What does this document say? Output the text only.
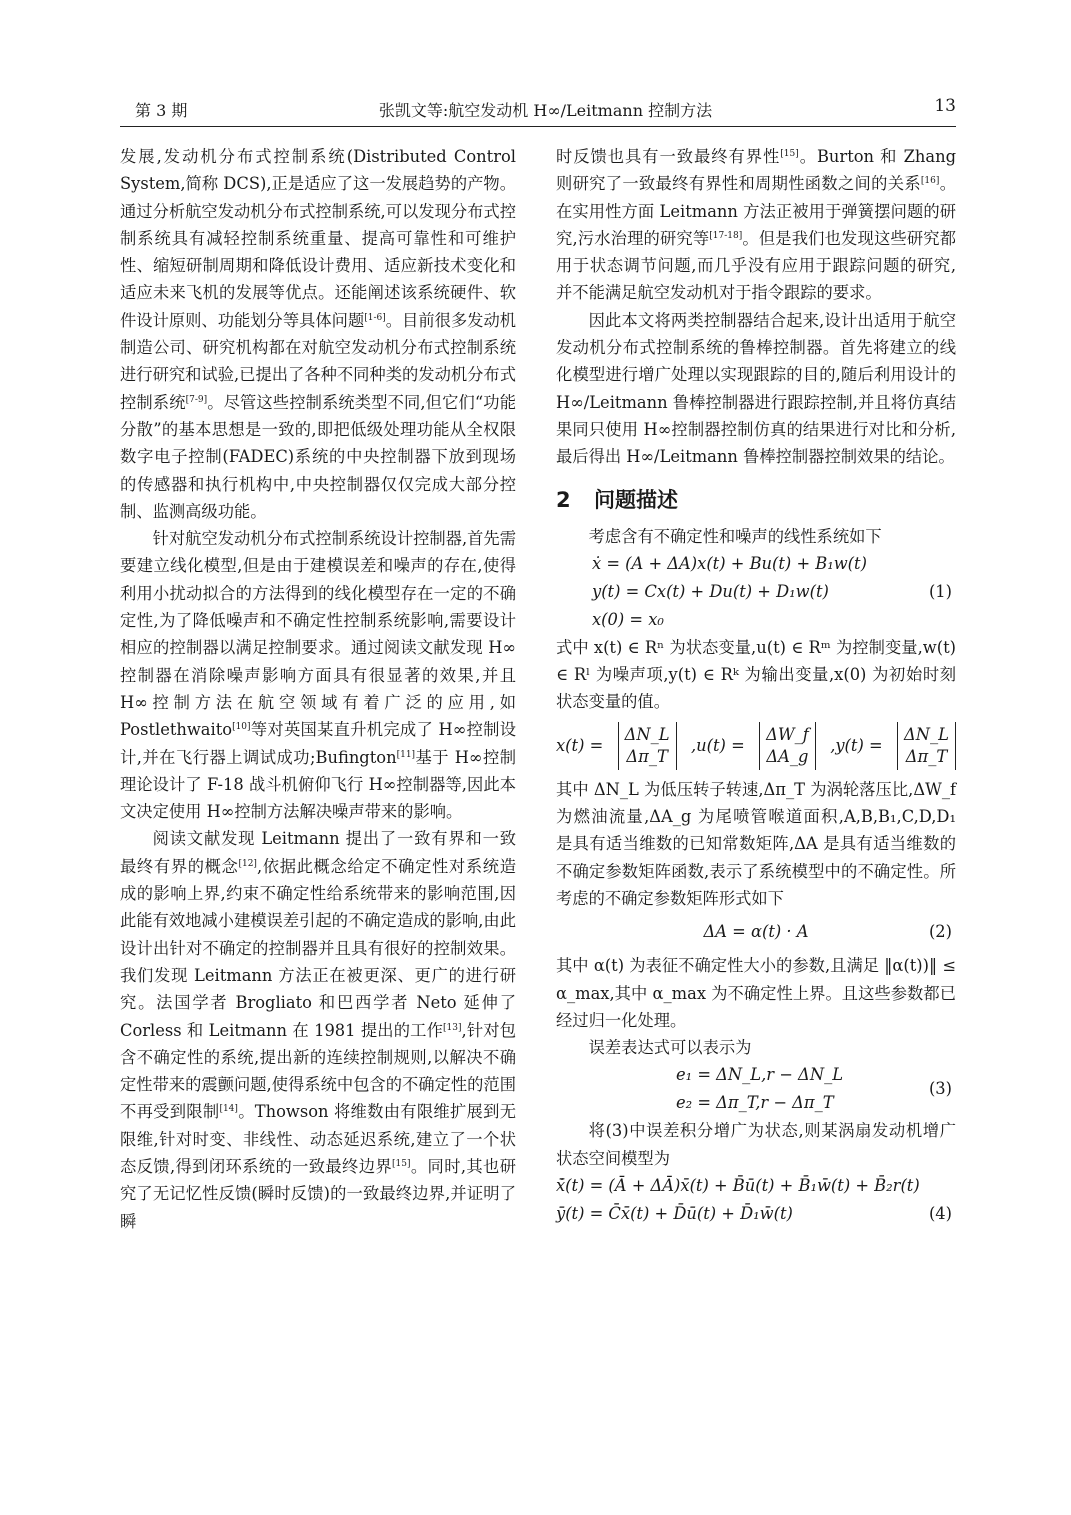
第 3 期	张凯文等:航空发动机 H∞/Leitmann 控制方法	13

发展,发动机分布式控制系统(Distributed Control System,简称 DCS),正是适应了这一发展趋势的产物。通过分析航空发动机分布式控制系统,可以发现分布式控制系统具有减轻控制系统重量、提高可靠性和可维护性、缩短研制周期和降低设计费用、适应新技术变化和适应未来飞机的发展等优点。还能阐述该系统硬件、软件设计原则、功能划分等具体问题[1-6]。目前很多发动机制造公司、研究机构都在对航空发动机分布式控制系统进行研究和试验,已提出了各种不同种类的发动机分布式控制系统[7-9]。尽管这些控制系统类型不同,但它们“功能分散”的基本思想是一致的,即把低级处理功能从全权限数字电子控制(FADEC)系统的中央控制器下放到现场的传感器和执行机构中,中央控制器仅仅完成大部分控制、监测高级功能。

针对航空发动机分布式控制系统设计控制器,首先需要建立线化模型,但是由于建模误差和噪声的存在,使得利用小扰动拟合的方法得到的线化模型存在一定的不确定性,为了降低噪声和不确定性控制系统影响,需要设计相应的控制器以满足控制要求。通过阅读文献发现 H∞控制器在消除噪声影响方面具有很显著的效果,并且 H∞控制方法在航空领域有着广泛的应用,如 Postlethwaito[10]等对英国某直升机完成了 H∞控制设计,并在飞行器上调试成功;Bufington[11]基于 H∞控制理论设计了 F-18 战斗机俯仰飞行 H∞控制器等,因此本文决定使用 H∞控制方法解决噪声带来的影响。

阅读文献发现 Leitmann 提出了一致有界和一致最终有界的概念[12],依据此概念给定不确定性对系统造成的影响上界,约束不确定性给系统带来的影响范围,因此能有效地减小建模误差引起的不确定造成的影响,由此设计出针对不确定的控制器并且具有很好的控制效果。我们发现 Leitmann 方法正在被更深、更广的进行研究。法国学者 Brogliato 和巴西学者 Neto 延伸了 Corless 和 Leitmann 在 1981 提出的工作[13],针对包含不确定性的系统,提出新的连续控制规则,以解决不确定性带来的震颤问题,使得系统中包含的不确定性的范围不再受到限制[14]。Thowson 将维数由有限维扩展到无限维,针对时变、非线性、动态延迟系统,建立了一个状态反馈,得到闭环系统的一致最终边界[15]。同时,其也研究了无记忆性反馈(瞬时反馈)的一致最终边界,并证明了瞬

时反馈也具有一致最终有界性[15]。Burton 和 Zhang 则研究了一致最终有界性和周期性函数之间的关系[16]。在实用性方面 Leitmann 方法正被用于弹簧摆问题的研究,污水治理的研究等[17-18]。但是我们也发现这些研究都用于状态调节问题,而几乎没有应用于跟踪问题的研究,并不能满足航空发动机对于指令跟踪的要求。

因此本文将两类控制器结合起来,设计出适用于航空发动机分布式控制系统的鲁棒控制器。首先将建立的线化模型进行增广处理以实现跟踪的目的,随后利用设计的 H∞/Leitmann 鲁棒控制器进行跟踪控制,并且将仿真结果同只使用 H∞控制器控制仿真的结果进行对比和分析,最后得出 H∞/Leitmann 鲁棒控制器控制效果的结论。

2 问题描述

考虑含有不确定性和噪声的线性系统如下

ẋ = (A + ΔA)x(t) + Bu(t) + B₁w(t)
y(t) = Cx(t) + Du(t) + D₁w(t)	(1)
x(0) = x₀

式中 x(t) ∈ Rⁿ 为状态变量,u(t) ∈ Rᵐ 为控制变量,w(t) ∈ Rˡ 为噪声项,y(t) ∈ Rᵏ 为输出变量,x(0) 为初始时刻状态变量的值。

x(t) =
ΔN_L
Δπ_T
,u(t) =
ΔW_f
ΔA_g
,y(t) =
ΔN_L
Δπ_T

其中 ΔN_L 为低压转子转速,Δπ_T 为涡轮落压比,ΔW_f 为燃油流量,ΔA_g 为尾喷管喉道面积,A,B,B₁,C,D,D₁ 是具有适当维数的已知常数矩阵,ΔA 是具有适当维数的不确定参数矩阵函数,表示了系统模型中的不确定性。所考虑的不确定参数矩阵形式如下

ΔA = α(t) · A	(2)

其中 α(t) 为表征不确定性大小的参数,且满足 ‖α(t))‖ ≤ α_max,其中 α_max 为不确定性上界。且这些参数都已经过归一化处理。

误差表达式可以表示为

e₁ = ΔN_L,r − ΔN_L
e₂ = Δπ_T,r − Δπ_T
(3)

将(3)中误差积分增广为状态,则某涡扇发动机增广状态空间模型为

x̄̇(t) = (Ā + ΔĀ)x̄(t) + B̄ū(t) + B̄₁w̄(t) + B̄₂r(t)
ȳ(t) = C̄x̄(t) + D̄ū(t) + D̄₁w̄(t)	(4)
